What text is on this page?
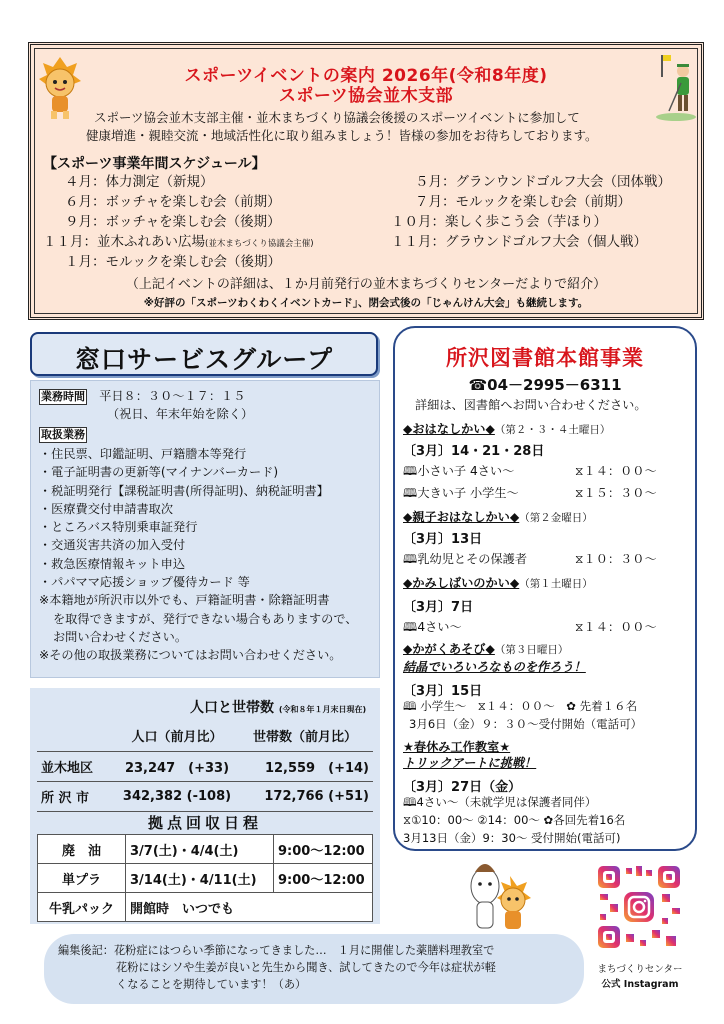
スポーツイベントの案内 2026年(令和8年度)
スポーツ協会並木支部
スポーツ協会並木支部主催・並木まちづくり協議会後援のスポーツイベントに参加して
健康増進・親睦交流・地域活性化に取り組みましょう！皆様の参加をお待ちしております。
【スポーツ事業年間スケジュール】
４月：体力測定（新規）	５月：グランウンドゴルフ大会（団体戦）
６月：ボッチャを楽しむ会（前期）	７月：モルックを楽しむ会（前期）
９月：ボッチャを楽しむ会（後期）	１０月：楽しく歩こう会（芋ほり）
１１月：並木ふれあい広場(並木まちづくり協議会主催)	１１月：グラウンドゴルフ大会（個人戦）
１月：モルックを楽しむ会（後期）
（上記イベントの詳細は、１か月前発行の並木まちづくりセンターだよりで紹介）
※好評の「スポーツわくわくイベントカード」、閉会式後の「じゃんけん大会」も継続します。
窓口サービスグループ
業務時間　 平日８：３０～１７：１５
（祝日、年末年始を除く）
取扱業務
・住民票、印鑑証明、戸籍謄本等発行
・電子証明書の更新等(マイナンバーカード)
・税証明発行【課税証明書(所得証明)、納税証明書】
・医療費交付申請書取次
・ところバス特別乗車証発行
・交通災害共済の加入受付
・救急医療情報キット申込
・パパママ応援ショップ優待カード 等
※本籍地が所沢市以外でも、戸籍証明書・除籍証明書
を取得できますが、発行できない場合もありますので、
お問い合わせください。
※その他の取扱業務についてはお問い合わせください。
人口と世帯数 (令和８年１月末日現在)
	人口（前月比）	世帯数（前月比）
並木地区	23,247　 (+33)	12,559　 (+14)
所 沢 市	342,382 (-108)	172,766 (+51)
拠点回収日程
廃　油	3/7(土)・4/4(土)	9:00～12:00
単プラ	3/14(土)・4/11(土)	9:00～12:00
牛乳パック	開館時　いつでも	
所沢図書館本館事業
☎04－2995－6311
詳細は、図書館へお問い合わせください。
◆おはなしかい◆（第２・３・４土曜日）
〔3月〕14・21・28日
🕮小さい子 4さい～	⧖１４：００～
🕮大きい子 小学生～	⧖１５：３０～
◆親子おはなしかい◆（第２金曜日）
〔3月〕13日
🕮乳幼児とその保護者	⧖１０：３０～
◆かみしばいのかい◆（第１土曜日）
〔3月〕7日
🕮4さい～	⧖１４：００～
◆かがくあそび◆（第３日曜日）
結晶でいろいろなものを作ろう！
〔3月〕15日
🕮 小学生～　⧖１４：００～　✿ 先着１６名
3月6日（金）９：３０～受付開始（電話可）
★春休み工作教室★
トリックアートに挑戦！
〔3月〕27日（金）
🕮4さい～（未就学児は保護者同伴）
⧖①10：00～ ②14：00～ ✿各回先着16名
3月13日（金）9：30～ 受付開始(電話可)
編集後記：花粉症にはつらい季節になってきました…　１月に開催した薬膳料理教室で
花粉にはシソや生姜が良いと先生から聞き、試してきたので今年は症状が軽
くなることを期待しています！（あ）
まちづくりセンター
公式 Instagram
